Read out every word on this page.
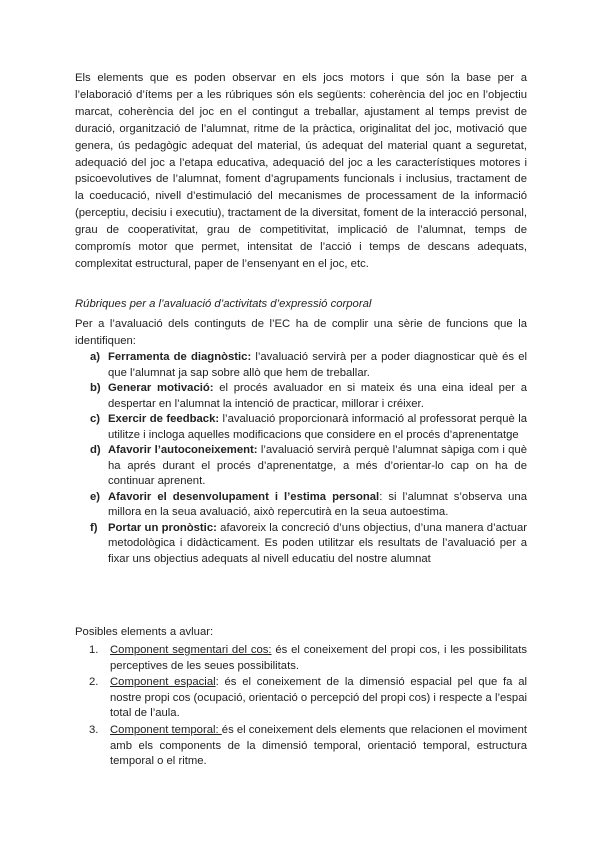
Els elements que es poden observar en els jocs motors i que són la base per a l’elaboració d’ítems per a les rúbriques són els següents: coherència del joc en l’objectiu marcat, coherència del joc en el contingut a treballar, ajustament al temps previst de duració, organització de l’alumnat, ritme de la pràctica, originalitat del joc, motivació que genera, ús pedagògic adequat del material, ús adequat del material quant a seguretat, adequació del joc a l’etapa educativa, adequació del joc a les característiques motores i psicoevolutives de l’alumnat, foment d’agrupaments funcionals i inclusius, tractament de la coeducació, nivell d’estimulació del mecanismes de processament de la informació (perceptiu, decisiu i executiu), tractament de la diversitat, foment de la interacció personal, grau de cooperativitat, grau de competitivitat, implicació de l’alumnat, temps de compromís motor que permet, intensitat de l’acció i temps de descans adequats, complexitat estructural, paper de l’ensenyant en el joc, etc.

Rúbriques per a l’avaluació d’activitats d’expressió corporal

Per a l’avaluació dels continguts de l’EC ha de complir una sèrie de funcions que la identifiquen:

a) Ferramenta de diagnòstic: l’avaluació servirà per a poder diagnosticar què és el que l’alumnat ja sap sobre allò que hem de treballar.
b) Generar motivació: el procés avaluador en si mateix és una eina ideal per a despertar en l’alumnat la intenció de practicar, millorar i créixer.
c) Exercir de feedback: l’avaluació proporcionarà informació al professorat perquè la utilitze i incloga aquelles modificacions que considere en el procés d’aprenentatge
d) Afavorir l’autoconeixement: l’avaluació servirà perquè l’alumnat sàpiga com i què ha aprés durant el procés d’aprenentatge, a més d’orientar-lo cap on ha de continuar aprenent.
e) Afavorir el desenvolupament i l’estima personal: si l’alumnat s’observa una millora en la seua avaluació, això repercutirà en la seua autoestima.
f) Portar un pronòstic: afavoreix la concreció d’uns objectius, d’una manera d’actuar metodològica i didàcticament. Es poden utilitzar els resultats de l’avaluació per a fixar uns objectius adequats al nivell educatiu del nostre alumnat

Posibles elements a avluar:

1. Component segmentari del cos: és el coneixement del propi cos, i les possibilitats perceptives de les seues possibilitats.
2. Component espacial: és el coneixement de la dimensió espacial pel que fa al nostre propi cos (ocupació, orientació o percepció del propi cos) i respecte a l’espai total de l’aula.
3. Component temporal: és el coneixement dels elements que relacionen el moviment amb els components de la dimensió temporal, orientació temporal, estructura temporal o el ritme.
